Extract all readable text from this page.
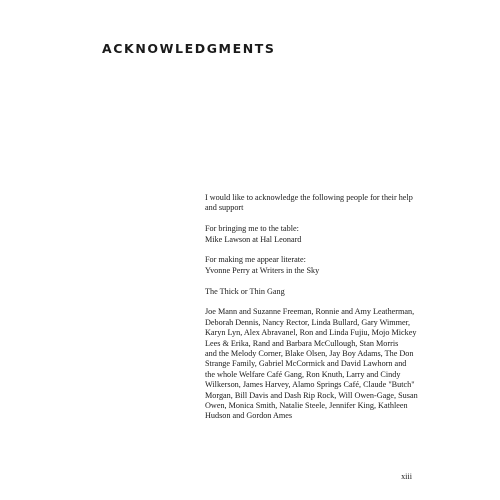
ACKNOWLEDGMENTS

I would like to acknowledge the following people for their help
and support

For bringing me to the table:
Mike Lawson at Hal Leonard

For making me appear literate:
Yvonne Perry at Writers in the Sky

The Thick or Thin Gang

Joe Mann and Suzanne Freeman, Ronnie and Amy Leatherman,
Deborah Dennis, Nancy Rector, Linda Bullard, Gary Wimmer,
Karyn Lyn, Alex Abravanel, Ron and Linda Fujiu, Mojo Mickey
Lees & Erika, Rand and Barbara McCullough, Stan Morris
and the Melody Corner, Blake Olsen, Jay Boy Adams, The Don
Strange Family, Gabriel McCormick and David Lawhorn and
the whole Welfare Café Gang, Ron Knuth, Larry and Cindy
Wilkerson, James Harvey, Alamo Springs Café, Claude "Butch"
Morgan, Bill Davis and Dash Rip Rock, Will Owen-Gage, Susan
Owen, Monica Smith, Natalie Steele, Jennifer King, Kathleen
Hudson and Gordon Ames

xiii
